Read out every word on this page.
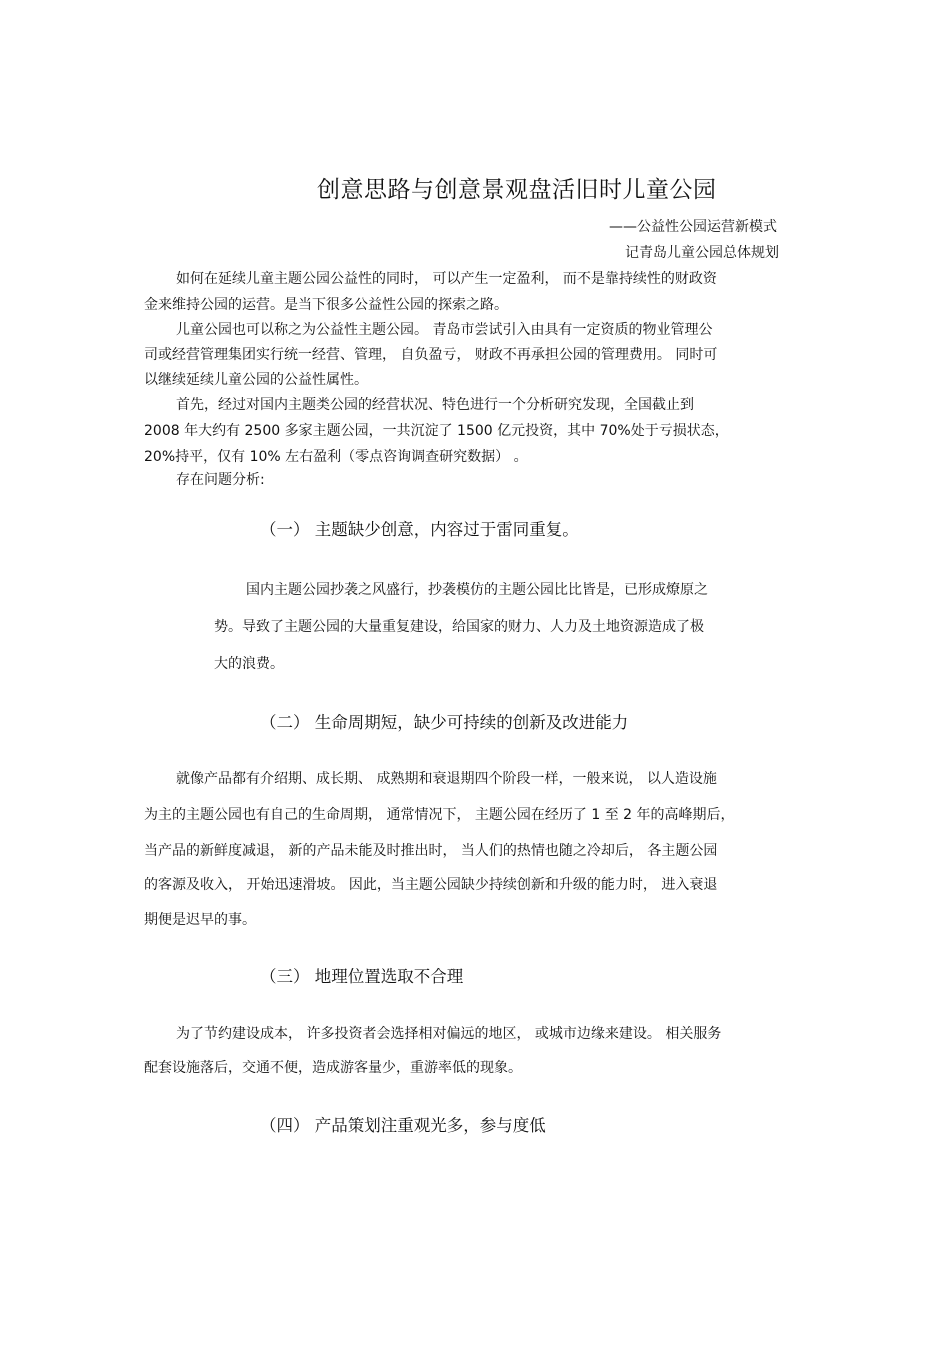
创意思路与创意景观盘活旧时儿童公园
——公益性公园运营新模式
记青岛儿童公园总体规划
如何在延续儿童主题公园公益性的同时， 可以产生一定盈利， 而不是靠持续性的财政资
金来维持公园的运营。是当下很多公益性公园的探索之路。
儿童公园也可以称之为公益性主题公园。 青岛市尝试引入由具有一定资质的物业管理公
司或经营管理集团实行统一经营、管理， 自负盈亏， 财政不再承担公园的管理费用。 同时可
以继续延续儿童公园的公益性属性。
首先，经过对国内主题类公园的经营状况、特色进行一个分析研究发现，全国截止到
2008 年大约有 2500 多家主题公园，一共沉淀了 1500 亿元投资，其中 70%处于亏损状态，
20%持平，仅有 10% 左右盈利（零点咨询调查研究数据） 。
存在问题分析:
（一） 主题缺少创意，内容过于雷同重复。
国内主题公园抄袭之风盛行，抄袭模仿的主题公园比比皆是，已形成燎原之
势。导致了主题公园的大量重复建设，给国家的财力、人力及土地资源造成了极
大的浪费。
（二） 生命周期短，缺少可持续的创新及改进能力
就像产品都有介绍期、成长期、 成熟期和衰退期四个阶段一样，一般来说， 以人造设施
为主的主题公园也有自己的生命周期， 通常情况下， 主题公园在经历了 1 至 2 年的高峰期后，
当产品的新鲜度减退， 新的产品未能及时推出时， 当人们的热情也随之冷却后， 各主题公园
的客源及收入， 开始迅速滑坡。 因此，当主题公园缺少持续创新和升级的能力时， 进入衰退
期便是迟早的事。
（三） 地理位置选取不合理
为了节约建设成本， 许多投资者会选择相对偏远的地区， 或城市边缘来建设。 相关服务
配套设施落后，交通不便，造成游客量少，重游率低的现象。
（四） 产品策划注重观光多，参与度低
